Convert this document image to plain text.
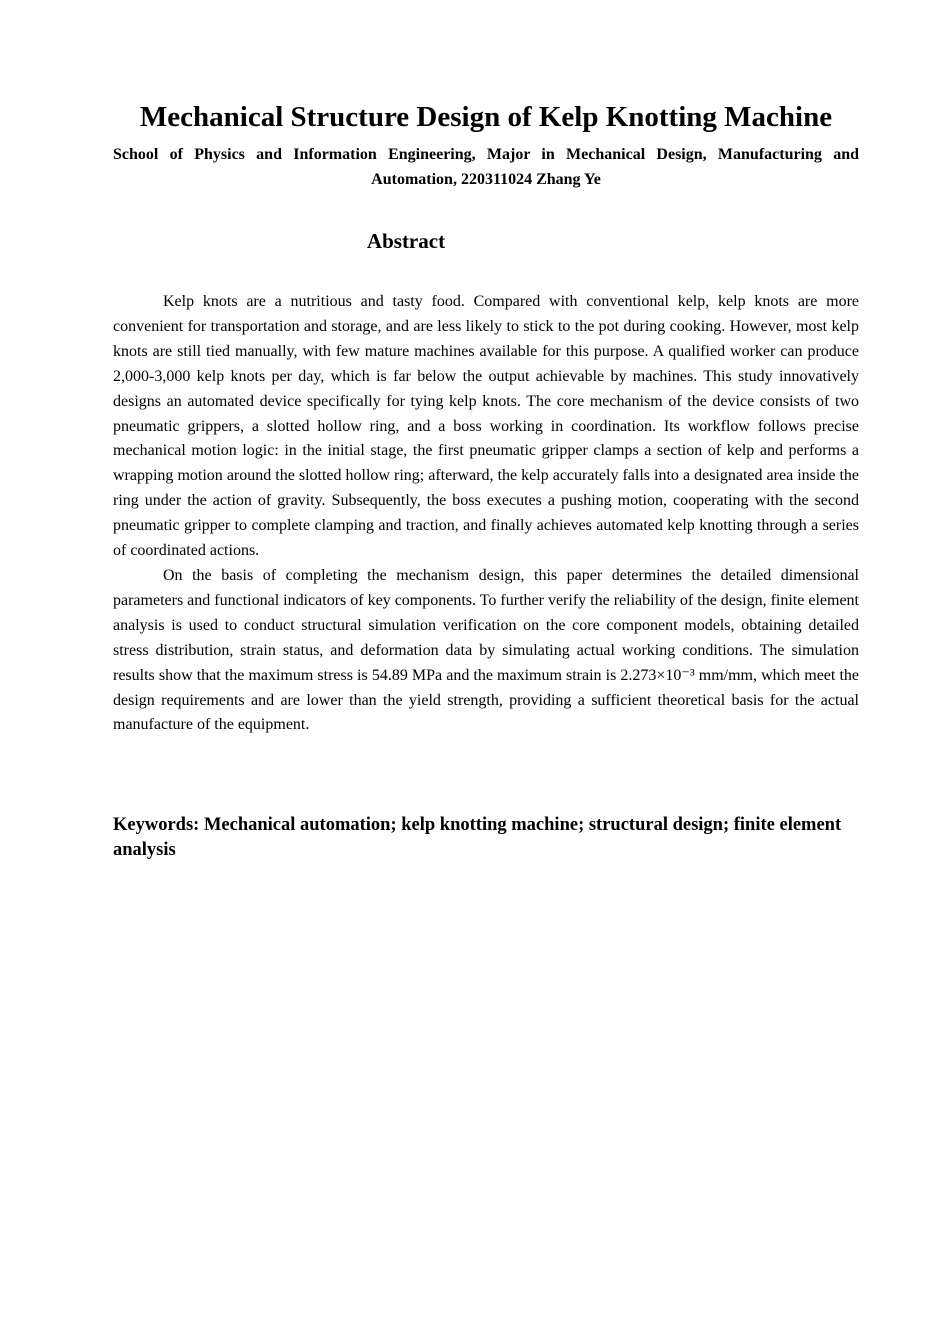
Mechanical Structure Design of Kelp Knotting Machine

School of Physics and Information Engineering, Major in Mechanical Design, Manufacturing and Automation, 220311024 Zhang Ye

Abstract

Kelp knots are a nutritious and tasty food. Compared with conventional kelp, kelp knots are more convenient for transportation and storage, and are less likely to stick to the pot during cooking. However, most kelp knots are still tied manually, with few mature machines available for this purpose. A qualified worker can produce 2,000-3,000 kelp knots per day, which is far below the output achievable by machines. This study innovatively designs an automated device specifically for tying kelp knots. The core mechanism of the device consists of two pneumatic grippers, a slotted hollow ring, and a boss working in coordination. Its workflow follows precise mechanical motion logic: in the initial stage, the first pneumatic gripper clamps a section of kelp and performs a wrapping motion around the slotted hollow ring; afterward, the kelp accurately falls into a designated area inside the ring under the action of gravity. Subsequently, the boss executes a pushing motion, cooperating with the second pneumatic gripper to complete clamping and traction, and finally achieves automated kelp knotting through a series of coordinated actions.

On the basis of completing the mechanism design, this paper determines the detailed dimensional parameters and functional indicators of key components. To further verify the reliability of the design, finite element analysis is used to conduct structural simulation verification on the core component models, obtaining detailed stress distribution, strain status, and deformation data by simulating actual working conditions. The simulation results show that the maximum stress is 54.89 MPa and the maximum strain is 2.273×10⁻³ mm/mm, which meet the design requirements and are lower than the yield strength, providing a sufficient theoretical basis for the actual manufacture of the equipment.

Keywords: Mechanical automation; kelp knotting machine; structural design; finite element analysis
